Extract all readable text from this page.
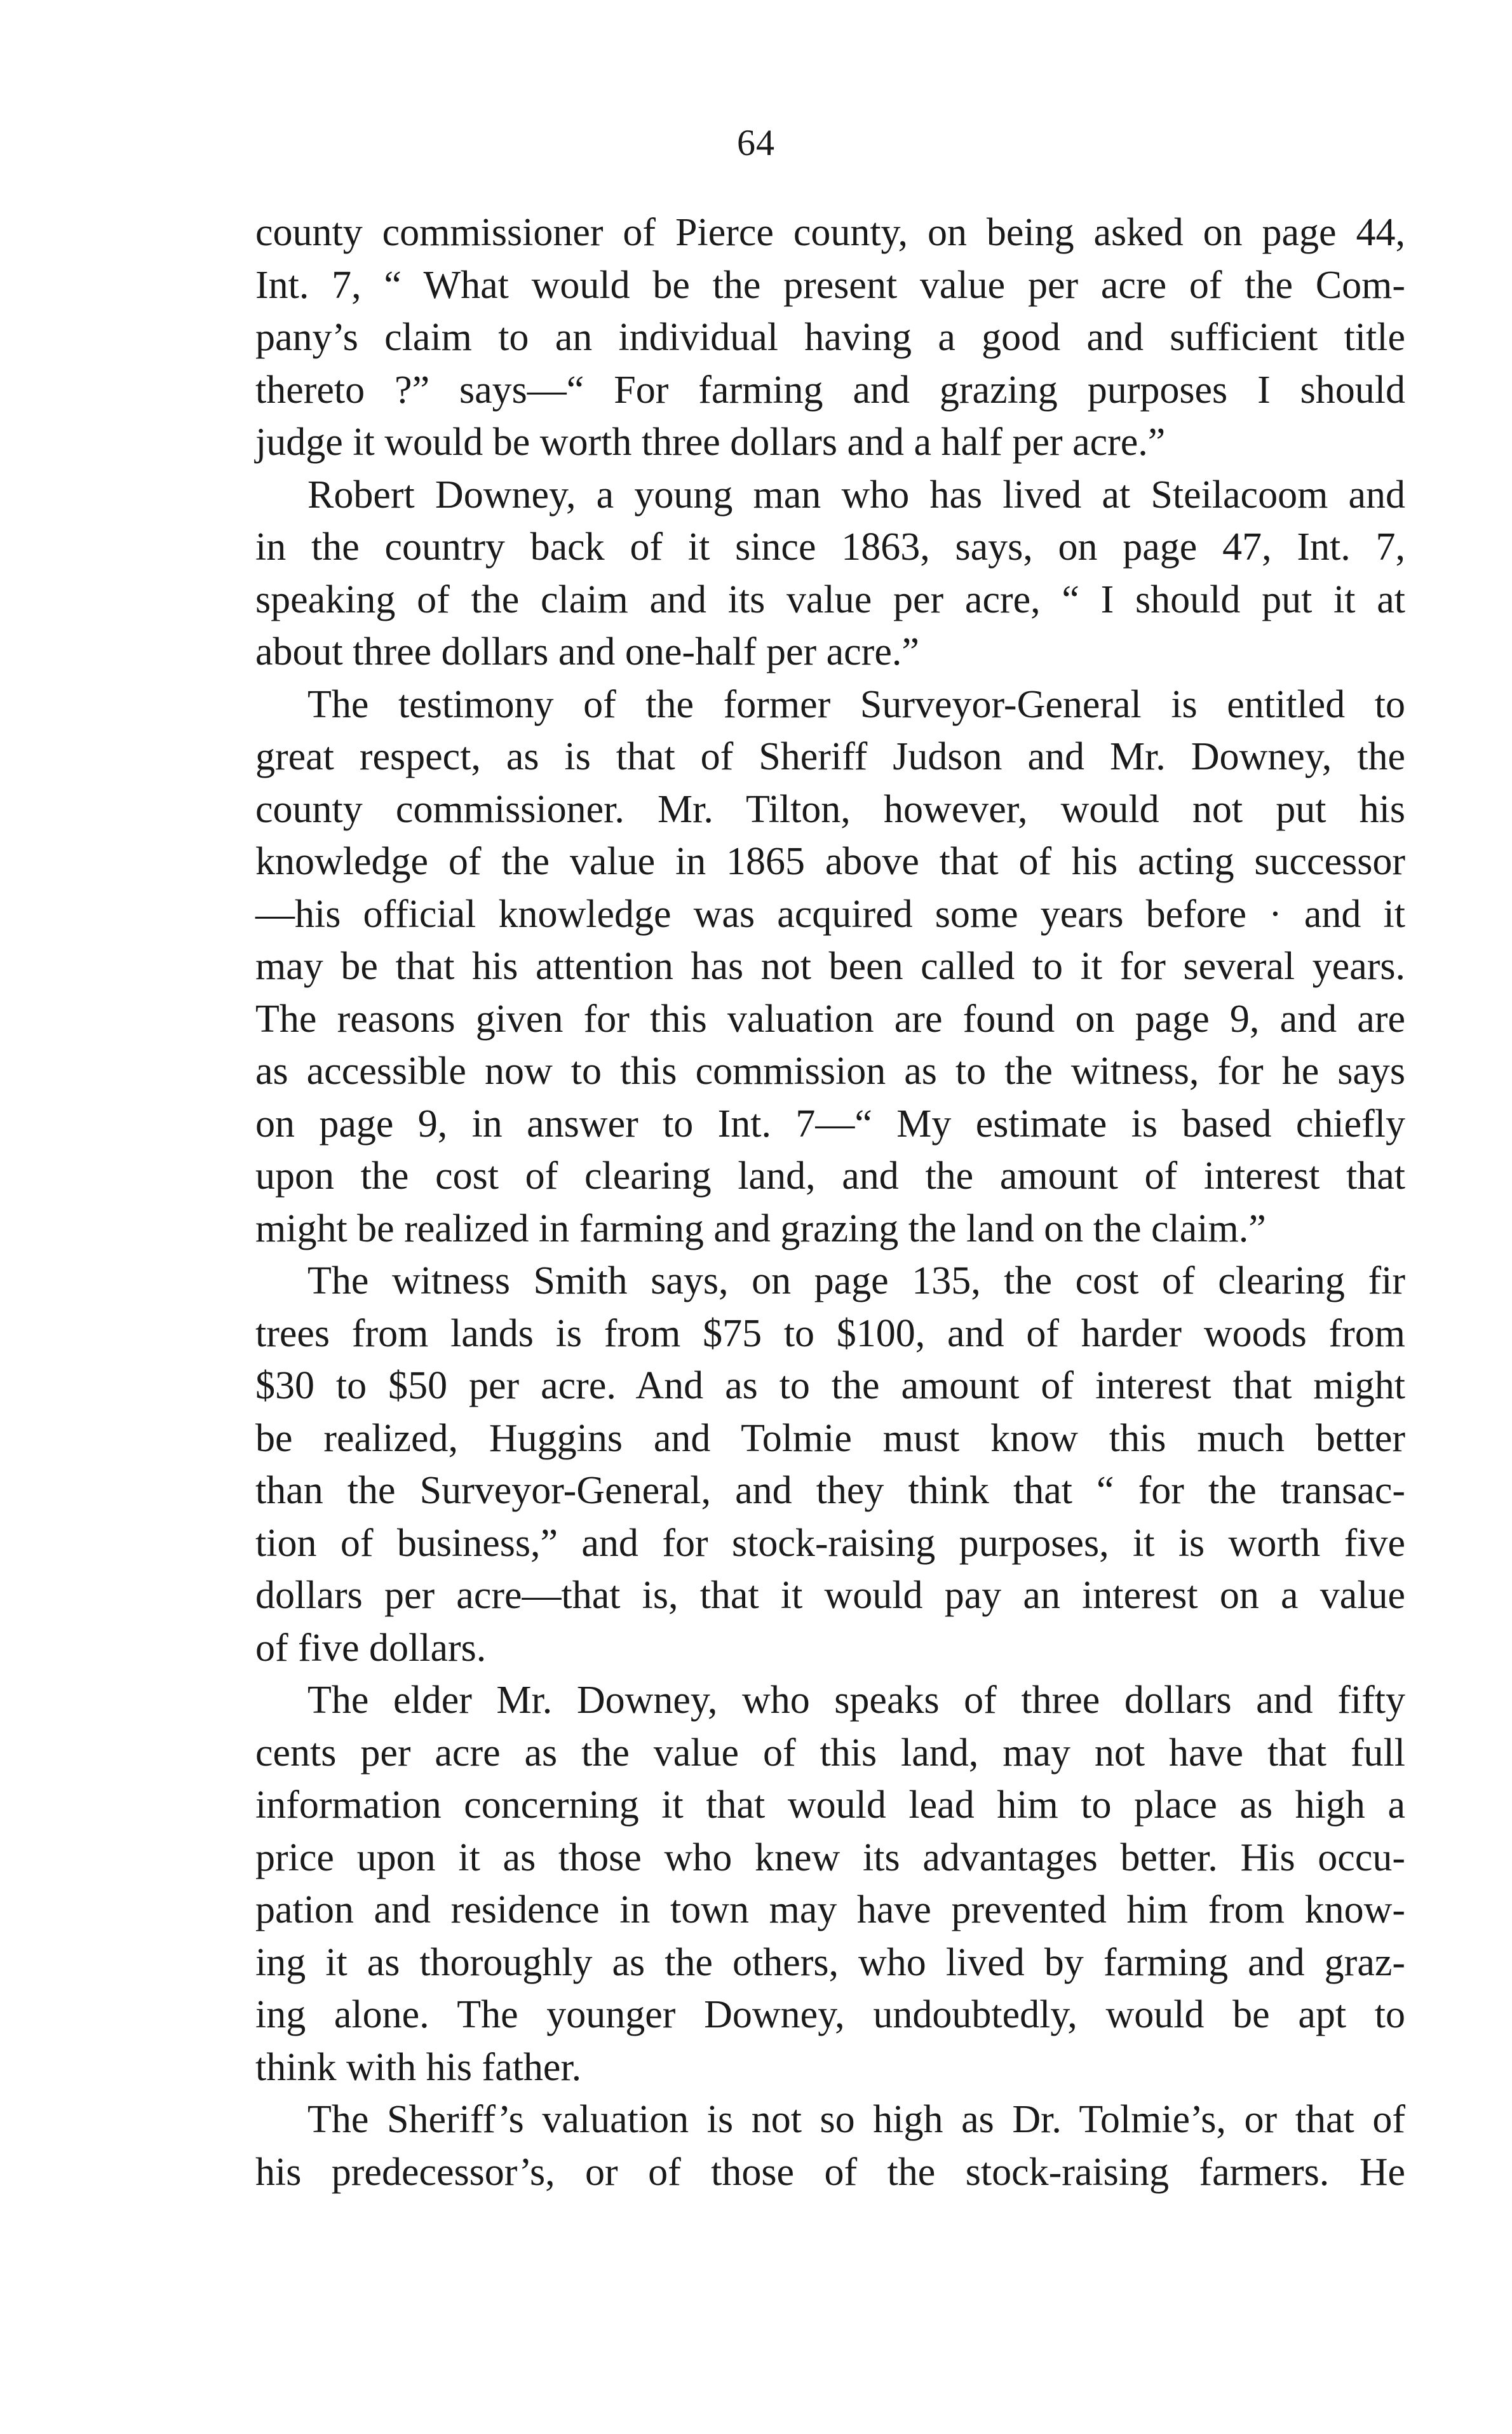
64
county commissioner of Pierce county, on being asked on page 44,
Int. 7, “ What would be the present value per acre of the Com-
pany’s claim to an individual having a good and sufficient title
thereto ?” says—“ For farming and grazing purposes I should
judge it would be worth three dollars and a half per acre.”
Robert Downey, a young man who has lived at Steilacoom and
in the country back of it since 1863, says, on page 47, Int. 7,
speaking of the claim and its value per acre, “ I should put it at
about three dollars and one-half per acre.”
The testimony of the former Surveyor-General is entitled to
great respect, as is that of Sheriff Judson and Mr. Downey, the
county commissioner. Mr. Tilton, however, would not put his
knowledge of the value in 1865 above that of his acting successor
—his official knowledge was acquired some years before · and it
may be that his attention has not been called to it for several years.
The reasons given for this valuation are found on page 9, and are
as accessible now to this commission as to the witness, for he says
on page 9, in answer to Int. 7—“ My estimate is based chiefly
upon the cost of clearing land, and the amount of interest that
might be realized in farming and grazing the land on the claim.”
The witness Smith says, on page 135, the cost of clearing fir
trees from lands is from $75 to $100, and of harder woods from
$30 to $50 per acre. And as to the amount of interest that might
be realized, Huggins and Tolmie must know this much better
than the Surveyor-General, and they think that “ for the transac-
tion of business,” and for stock-raising purposes, it is worth five
dollars per acre—that is, that it would pay an interest on a value
of five dollars.
The elder Mr. Downey, who speaks of three dollars and fifty
cents per acre as the value of this land, may not have that full
information concerning it that would lead him to place as high a
price upon it as those who knew its advantages better. His occu-
pation and residence in town may have prevented him from know-
ing it as thoroughly as the others, who lived by farming and graz-
ing alone. The younger Downey, undoubtedly, would be apt to
think with his father.
The Sheriff’s valuation is not so high as Dr. Tolmie’s, or that of
his predecessor’s, or of those of the stock-raising farmers. He
